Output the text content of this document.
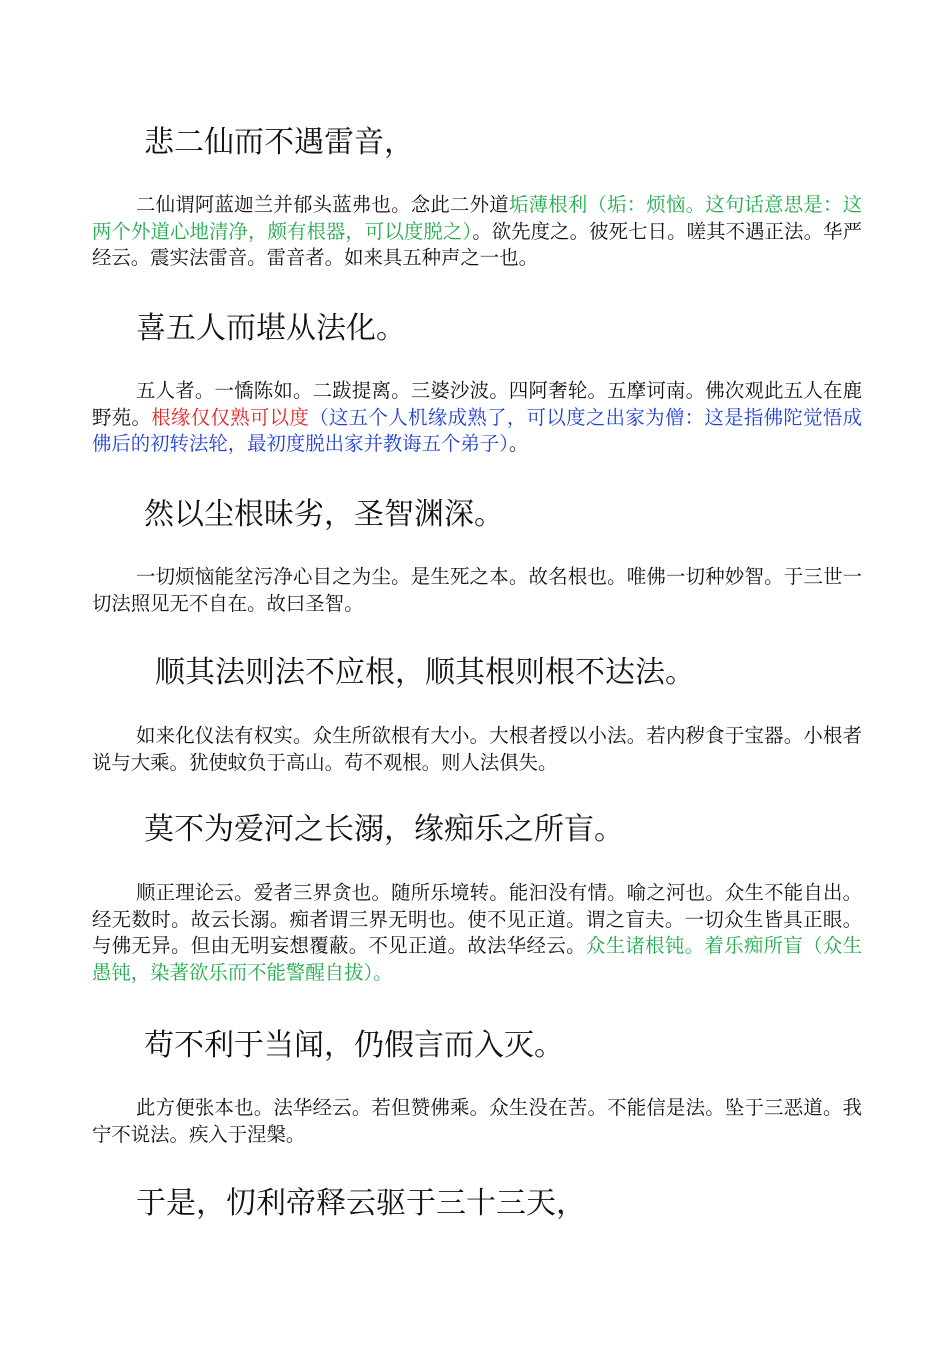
悲二仙而不遇雷音，

二仙谓阿蓝迦兰并郁头蓝弗也。念此二外道垢薄根利（垢：烦恼。这句话意思是：这两个外道心地清净，颇有根器，可以度脱之）。欲先度之。彼死七日。嗟其不遇正法。华严经云。震实法雷音。雷音者。如来具五种声之一也。

喜五人而堪从法化。

五人者。一憍陈如。二跋提离。三婆沙波。四阿奢轮。五摩诃南。佛次观此五人在鹿野苑。根缘仅仅熟可以度（这五个人机缘成熟了，可以度之出家为僧：这是指佛陀觉悟成佛后的初转法轮，最初度脱出家并教诲五个弟子）。

然以尘根昧劣，圣智渊深。

一切烦恼能坌污净心目之为尘。是生死之本。故名根也。唯佛一切种妙智。于三世一切法照见无不自在。故曰圣智。

顺其法则法不应根，顺其根则根不达法。

如来化仪法有权实。众生所欲根有大小。大根者授以小法。若内秽食于宝器。小根者说与大乘。犹使蚊负于高山。苟不观根。则人法俱失。

莫不为爱河之长溺，缘痴乐之所盲。

顺正理论云。爱者三界贪也。随所乐境转。能汩没有情。喻之河也。众生不能自出。经无数时。故云长溺。痴者谓三界无明也。使不见正道。谓之盲夫。一切众生皆具正眼。与佛无异。但由无明妄想覆蔽。不见正道。故法华经云。众生诸根钝。着乐痴所盲（众生愚钝，染著欲乐而不能警醒自拔）。

苟不利于当闻，仍假言而入灭。

此方便张本也。法华经云。若但赞佛乘。众生没在苦。不能信是法。坠于三恶道。我宁不说法。疾入于涅槃。

于是，忉利帝释云驱于三十三天，
